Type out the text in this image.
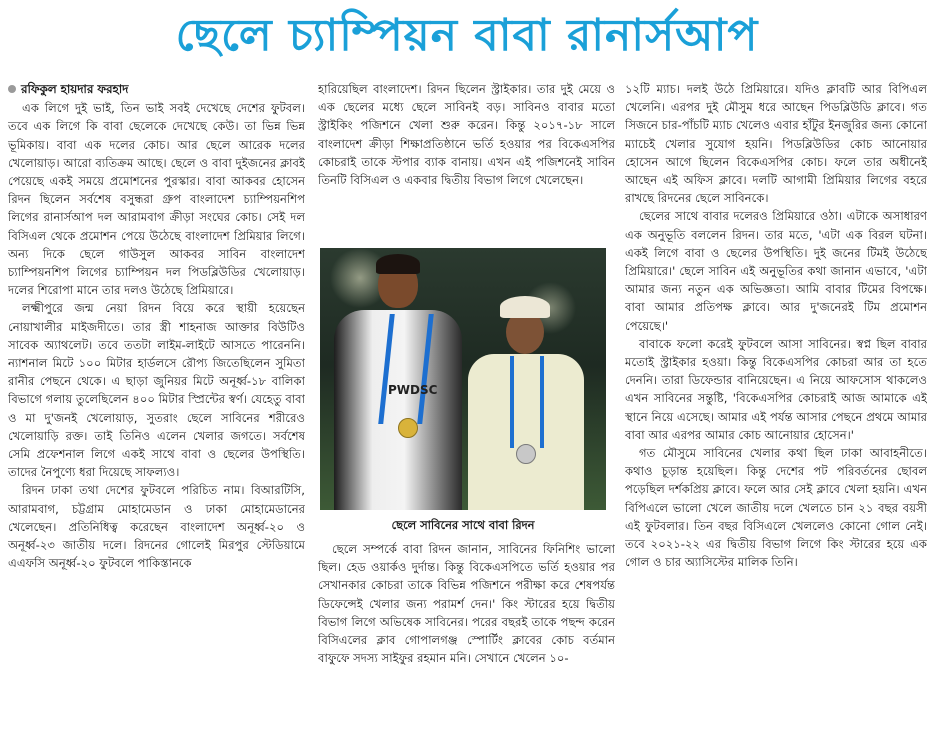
ছেলে চ্যাম্পিয়ন বাবা রানার্সআপ
রফিকুল হায়দার ফরহাদ

এক লিগে দুই ভাই, তিন ভাই সবই দেখেছে দেশের ফুটবল। তবে এক লিগে কি বাবা ছেলেকে দেখেছে কেউ। তা ভিন্ন ভিন্ন ভূমিকায়। বাবা এক দলের কোচ। আর ছেলে আরেক দলের খেলোয়াড়। আরো ব্যতিক্রম আছে। ছেলে ও বাবা দুইজনের ক্লাবই পেয়েছে একই সময়ে প্রমোশনের পুরস্কার। বাবা আকবর হোসেন রিদন ছিলেন সর্বশেষ বসুন্ধরা গ্রুপ বাংলাদেশ চ্যাম্পিয়নশিপ লিগের রানার্সআপ দল আরামবাগ ক্রীড়া সংঘের কোচ। সেই দল বিসিএল থেকে প্রমোশন পেয়ে উঠেছে বাংলাদেশ প্রিমিয়ার লিগে। অন্য দিকে ছেলে গাউসুল আকবর সাবিন বাংলাদেশ চ্যাম্পিয়নশিপ লিগের চ্যাম্পিয়ন দল পিডব্লিউডির খেলোয়াড়। দলের শিরোপা মানে তার দলও উঠেছে প্রিমিয়ারে।

লক্ষ্মীপুরে জন্ম নেয়া রিদন বিয়ে করে স্থায়ী হয়েছেন নোয়াখালীর মাইজদীতে। তার স্ত্রী শাহনাজ আক্তার বিউটিও সাবেক অ্যাথলেট। তবে ততটা লাইম-লাইটে আসতে পারেননি। ন্যাশনাল মিটে ১০০ মিটার হার্ডলসে রৌপ্য জিতেছিলেন সুমিতা রানীর পেছনে থেকে। এ ছাড়া জুনিয়র মিটে অনূর্ধ্ব-১৮ বালিকা বিভাগে গলায় তুলেছিলেন ৪০০ মিটার স্প্রিন্টের স্বর্ণ। যেহেতু বাবা ও মা দু'জনই খেলোয়াড়, সুতরাং ছেলে সাবিনের শরীরেও খেলোয়াড়ি রক্ত। তাই তিনিও এলেন খেলার জগতে। সর্বশেষ সেমি প্রফেশনাল লিগে একই সাথে বাবা ও ছেলের উপস্থিতি। তাদের নৈপুণ্যে ধরা দিয়েছে সাফল্যও।

রিদন ঢাকা তথা দেশের ফুটবলে পরিচিত নাম। বিআরটিসি, আরামবাগ, চট্টগ্রাম মোহামেডান ও ঢাকা মোহামেডানের খেলেছেন। প্রতিনিধিত্ব করেছেন বাংলাদেশ অনূর্ধ্ব-২০ ও অনূর্ধ্ব-২৩ জাতীয় দলে। রিদনের গোলেই মিরপুর স্টেডিয়ামে এএফসি অনূর্ধ্ব-২০ ফুটবলে পাকিস্তানকে

হারিয়েছিল বাংলাদেশ। রিদন ছিলেন স্ট্রাইকার। তার দুই মেয়ে ও এক ছেলের মধ্যে ছেলে সাবিনই বড়। সাবিনও বাবার মতো স্ট্রাইকিং পজিশনে খেলা শুরু করেন। কিন্তু ২০১৭-১৮ সালে বাংলাদেশ ক্রীড়া শিক্ষাপ্রতিষ্ঠানে ভর্তি হওয়ার পর বিকেএসপির কোচরাই তাকে স্টপার ব্যাক বানায়। এখন এই পজিশনেই সাবিন তিনটি বিসিএল ও একবার দ্বিতীয় বিভাগ লিগে খেলেছেন।

PWDSC
ছেলে সাবিনের সাথে বাবা রিদন

ছেলে সম্পর্কে বাবা রিদন জানান, সাবিনের ফিনিশিং ভালো ছিল। হেড ওয়ার্কও দুর্দান্ত। কিন্তু বিকেএসপিতে ভর্তি হওয়ার পর সেখানকার কোচরা তাকে বিভিন্ন পজিশনে পরীক্ষা করে শেষপর্যন্ত ডিফেন্সেই খেলার জন্য পরামর্শ দেন।' কিং স্টারের হয়ে দ্বিতীয় বিভাগ লিগে অভিষেক সাবিনের। পরের বছরই তাকে পছন্দ করেন বিসিএলের ক্লাব গোপালগঞ্জ স্পোর্টিং ক্লাবের কোচ বর্তমান বাফুফে সদস্য সাইফুর রহমান মনি। সেখানে খেলেন ১০-

১২টি ম্যাচ। দলই উঠে প্রিমিয়ারে। যদিও ক্লাবটি আর বিপিএল খেলেনি। এরপর দুই মৌসুম ধরে আছেন পিডব্লিউডি ক্লাবে। গত সিজনে চার-পাঁচটি ম্যাচ খেলেও এবার হাঁটুর ইনজুরির জন্য কোনো ম্যাচেই খেলার সুযোগ হয়নি। পিডব্লিউডির কোচ আনোয়ার হোসেন আগে ছিলেন বিকেএসপির কোচ। ফলে তার অধীনেই আছেন এই অফিস ক্লাবে। দলটি আগামী প্রিমিয়ার লিগের বহরে রাখছে রিদনের ছেলে সাবিনকে।

ছেলের সাথে বাবার দলেরও প্রিমিয়ারে ওঠা। এটাকে অসাধারণ এক অনুভূতি বললেন রিদন। তার মতে, 'এটা এক বিরল ঘটনা। একই লিগে বাবা ও ছেলের উপস্থিতি। দুই জনের টিমই উঠেছে প্রিমিয়ারে।' ছেলে সাবিন এই অনুভূতির কথা জানান এভাবে, 'এটা আমার জন্য নতুন এক অভিজ্ঞতা। আমি বাবার টিমের বিপক্ষে। বাবা আমার প্রতিপক্ষ ক্লাবে। আর দু'জনেরই টিম প্রমোশন পেয়েছে।'

বাবাকে ফলো করেই ফুটবলে আসা সাবিনের। স্বপ্ন ছিল বাবার মতোই স্ট্রাইকার হওয়া। কিন্তু বিকেএসপির কোচরা আর তা হতে দেননি। তারা ডিফেন্ডার বানিয়েছেন। এ নিয়ে আফসোস থাকলেও এখন সাবিনের সন্তুষ্টি, 'বিকেএসপির কোচরাই আজ আমাকে এই স্থানে নিয়ে এসেছে। আমার এই পর্যন্ত আসার পেছনে প্রথমে আমার বাবা আর এরপর আমার কোচ আনোয়ার হোসেন।'

গত মৌসুমে সাবিনের খেলার কথা ছিল ঢাকা আবাহনীতে। কথাও চূড়ান্ত হয়েছিল। কিন্তু দেশের পট পরিবর্তনের ছোবল পড়েছিল দর্শকপ্রিয় ক্লাবে। ফলে আর সেই ক্লাবে খেলা হয়নি। এখন বিপিএলে ভালো খেলে জাতীয় দলে খেলতে চান ২১ বছর বয়সী এই ফুটবলার। তিন বছর বিসিএলে খেললেও কোনো গোল নেই। তবে ২০২১-২২ এর দ্বিতীয় বিভাগ লিগে কিং স্টারের হয়ে এক গোল ও চার অ্যাসিস্টের মালিক তিনি।
